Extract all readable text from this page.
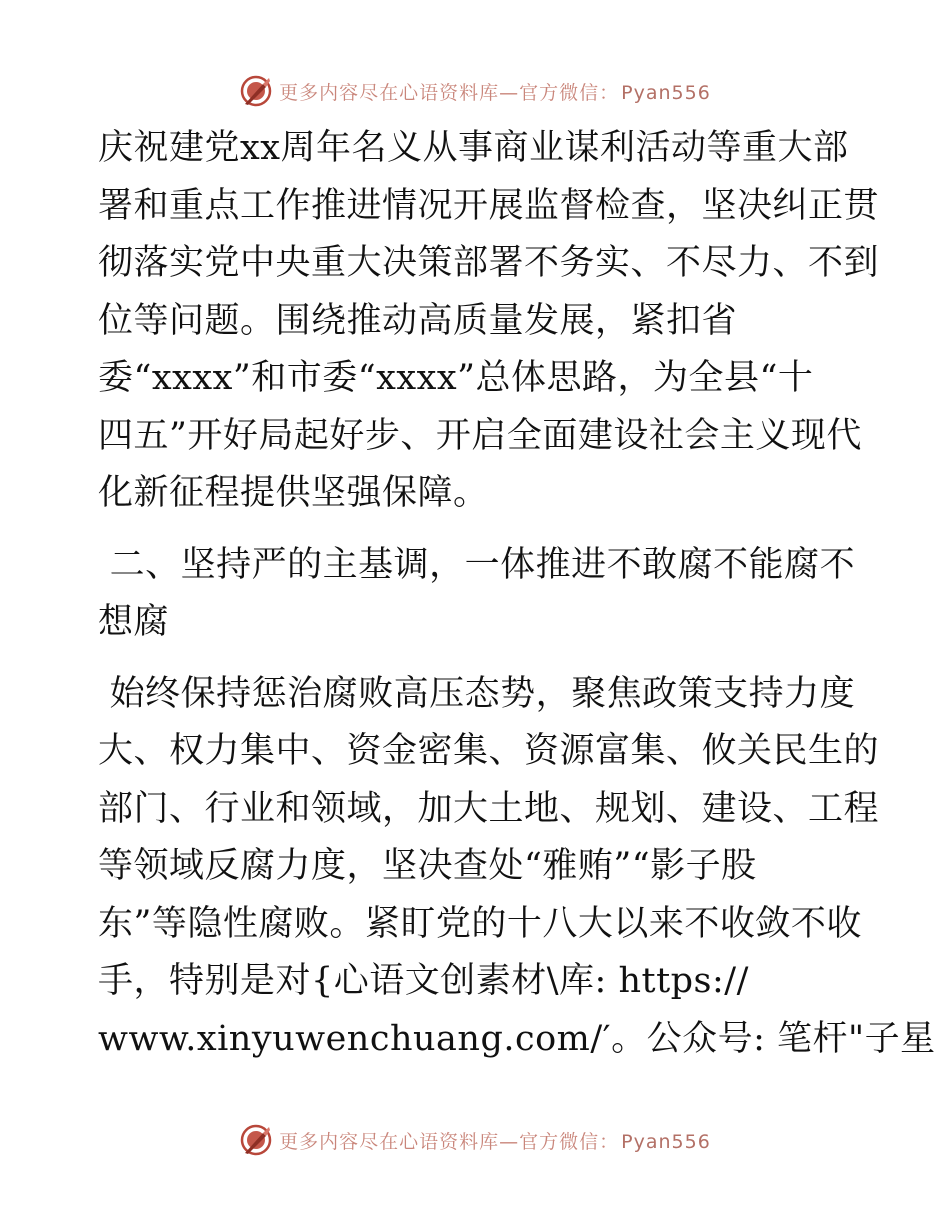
更多内容尽在心语资料库—官方微信： Pyan556
庆祝建党xx周年名义从事商业谋利活动等重大部
署和重点工作推进情况开展监督检查，坚决纠正贯
彻落实党中央重大决策部署不务实、不尽力、不到
位等问题。围绕推动高质量发展，紧扣省
委“xxxx”和市委“xxxx”总体思路，为全县“十
四五”开好局起好步、开启全面建设社会主义现代
化新征程提供坚强保障。
二、坚持严的主基调，一体推进不敢腐不能腐不
想腐
始终保持惩治腐败高压态势，聚焦政策支持力度
大、权力集中、资金密集、资源富集、攸关民生的
部门、行业和领域，加大土地、规划、建设、工程
等领域反腐力度，坚决查处“雅贿”“影子股
东”等隐性腐败。紧盯党的十八大以来不收敛不收
手，特别是对{心语文创素材\库: https://
www.xinyuwenchuang.com/′。公众号: 笔杆"子星
更多内容尽在心语资料库—官方微信： Pyan556
